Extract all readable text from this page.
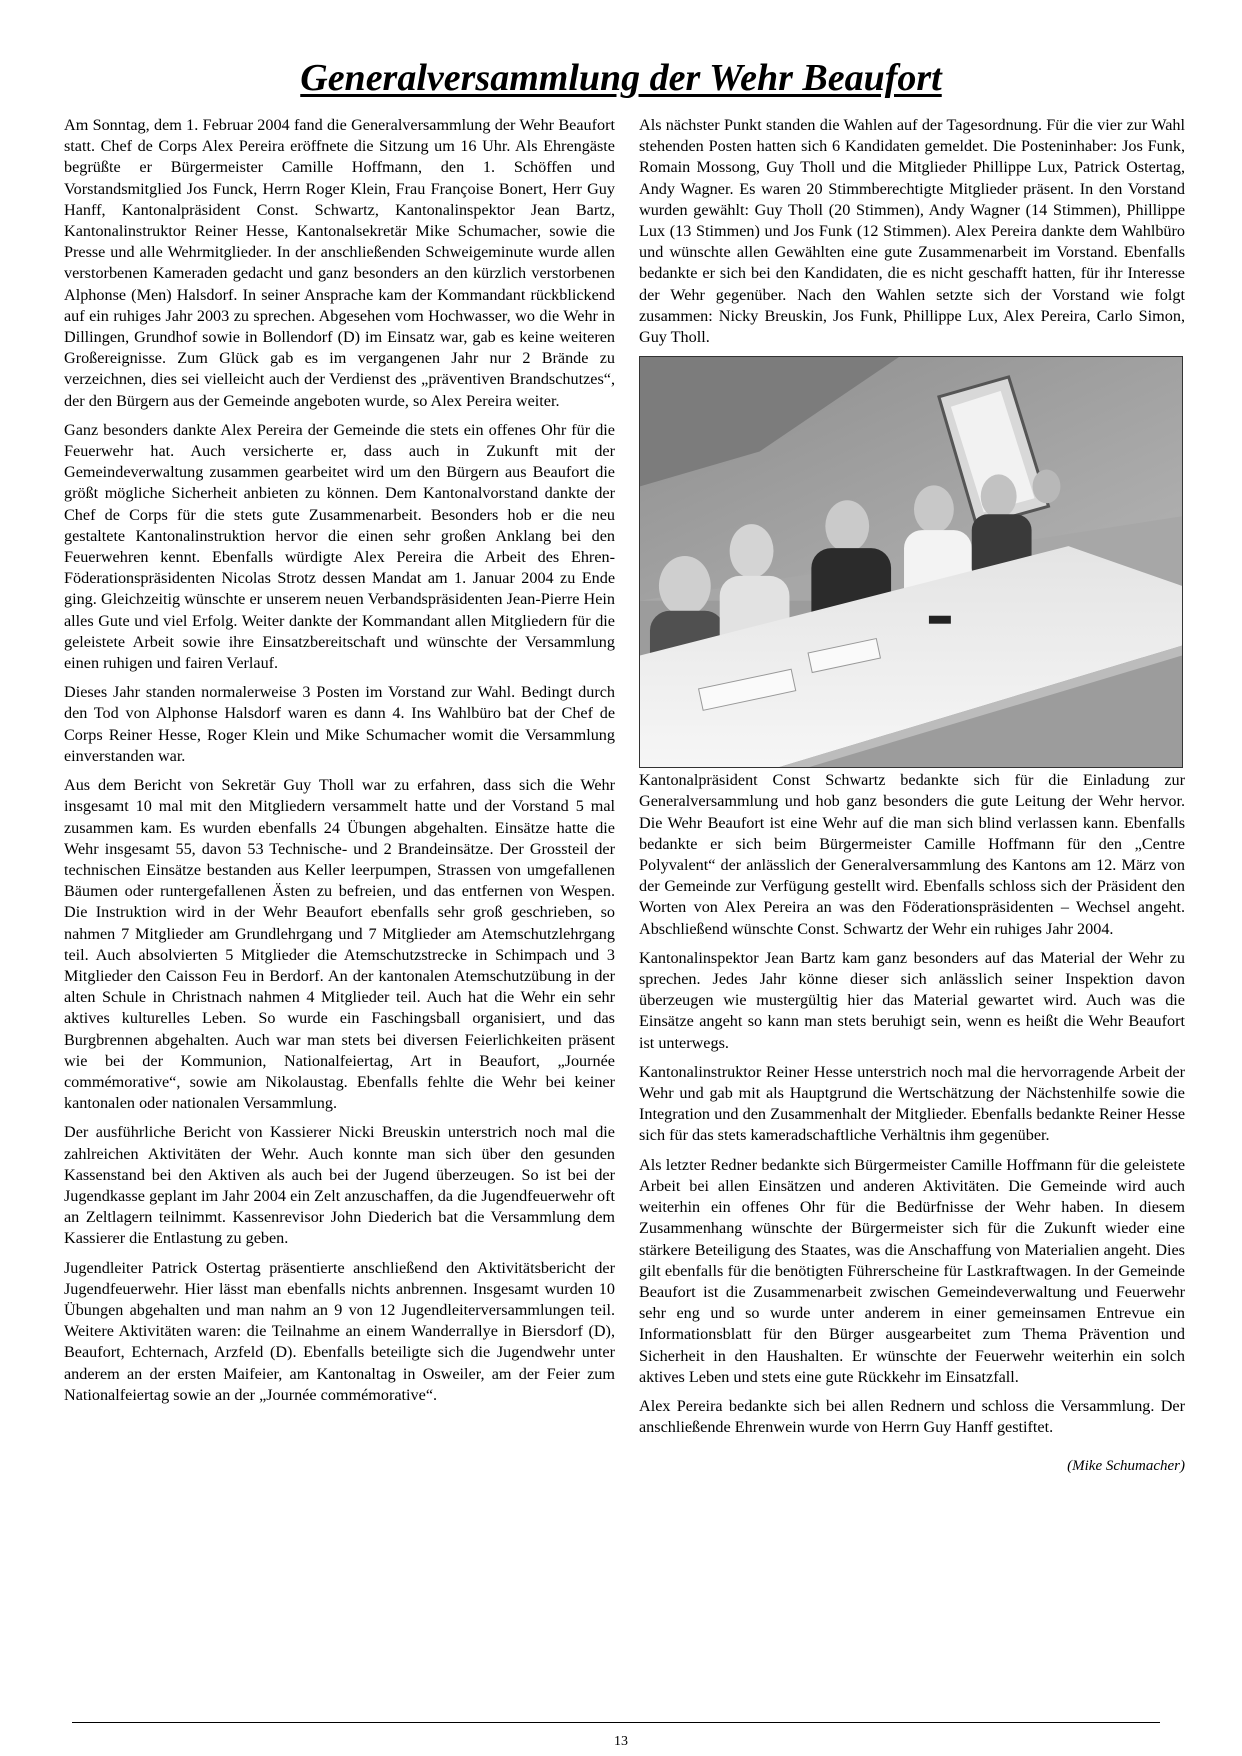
Generalversammlung der Wehr Beaufort

Am Sonntag, dem 1. Februar 2004 fand die Generalversammlung der Wehr Beaufort statt. Chef de Corps Alex Pereira eröffnete die Sitzung um 16 Uhr. Als Ehrengäste begrüßte er Bürgermeister Camille Hoffmann, den 1. Schöffen und Vorstandsmitglied Jos Funck, Herrn Roger Klein, Frau Françoise Bonert, Herr Guy Hanff, Kantonalpräsident Const. Schwartz, Kantonalinspektor Jean Bartz, Kantonalinstruktor Reiner Hesse, Kantonalsekretär Mike Schumacher, sowie die Presse und alle Wehrmitglieder. In der anschließenden Schweigeminute wurde allen verstorbenen Kameraden gedacht und ganz besonders an den kürzlich verstorbenen Alphonse (Men) Halsdorf. In seiner Ansprache kam der Kommandant rückblickend auf ein ruhiges Jahr 2003 zu sprechen. Abgesehen vom Hochwasser, wo die Wehr in Dillingen, Grundhof sowie in Bollendorf (D) im Einsatz war, gab es keine weiteren Großereignisse. Zum Glück gab es im vergangenen Jahr nur 2 Brände zu verzeichnen, dies sei vielleicht auch der Verdienst des „präventiven Brandschutzes“, der den Bürgern aus der Gemeinde angeboten wurde, so Alex Pereira weiter.

Ganz besonders dankte Alex Pereira der Gemeinde die stets ein offenes Ohr für die Feuerwehr hat. Auch versicherte er, dass auch in Zukunft mit der Gemeindeverwaltung zusammen gearbeitet wird um den Bürgern aus Beaufort die größt mögliche Sicherheit anbieten zu können. Dem Kantonalvorstand dankte der Chef de Corps für die stets gute Zusammenarbeit. Besonders hob er die neu gestaltete Kantonalinstruktion hervor die einen sehr großen Anklang bei den Feuerwehren kennt. Ebenfalls würdigte Alex Pereira die Arbeit des Ehren-Föderationspräsidenten Nicolas Strotz dessen Mandat am 1. Januar 2004 zu Ende ging. Gleichzeitig wünschte er unserem neuen Verbandspräsidenten Jean-Pierre Hein alles Gute und viel Erfolg. Weiter dankte der Kommandant allen Mitgliedern für die geleistete Arbeit sowie ihre Einsatzbereitschaft und wünschte der Versammlung einen ruhigen und fairen Verlauf.

Dieses Jahr standen normalerweise 3 Posten im Vorstand zur Wahl. Bedingt durch den Tod von Alphonse Halsdorf waren es dann 4. Ins Wahlbüro bat der Chef de Corps Reiner Hesse, Roger Klein und Mike Schumacher womit die Versammlung einverstanden war.

Aus dem Bericht von Sekretär Guy Tholl war zu erfahren, dass sich die Wehr insgesamt 10 mal mit den Mitgliedern versammelt hatte und der Vorstand 5 mal zusammen kam. Es wurden ebenfalls 24 Übungen abgehalten. Einsätze hatte die Wehr insgesamt 55, davon 53 Technische- und 2 Brandeinsätze. Der Grossteil der technischen Einsätze bestanden aus Keller leerpumpen, Strassen von umgefallenen Bäumen oder runtergefallenen Ästen zu befreien, und das entfernen von Wespen. Die Instruktion wird in der Wehr Beaufort ebenfalls sehr groß geschrieben, so nahmen 7 Mitglieder am Grundlehrgang und 7 Mitglieder am Atemschutzlehrgang teil. Auch absolvierten 5 Mitglieder die Atemschutzstrecke in Schimpach und 3 Mitglieder den Caisson Feu in Berdorf. An der kantonalen Atemschutzübung in der alten Schule in Christnach nahmen 4 Mitglieder teil. Auch hat die Wehr ein sehr aktives kulturelles Leben. So wurde ein Faschingsball organisiert, und das Burgbrennen abgehalten. Auch war man stets bei diversen Feierlichkeiten präsent wie bei der Kommunion, Nationalfeiertag, Art in Beaufort, „Journée commémorative“, sowie am Nikolaustag. Ebenfalls fehlte die Wehr bei keiner kantonalen oder nationalen Versammlung.

Der ausführliche Bericht von Kassierer Nicki Breuskin unterstrich noch mal die zahlreichen Aktivitäten der Wehr. Auch konnte man sich über den gesunden Kassenstand bei den Aktiven als auch bei der Jugend überzeugen. So ist bei der Jugendkasse geplant im Jahr 2004 ein Zelt anzuschaffen, da die Jugendfeuerwehr oft an Zeltlagern teilnimmt. Kassenrevisor John Diederich bat die Versammlung dem Kassierer die Entlastung zu geben.

Jugendleiter Patrick Ostertag präsentierte anschließend den Aktivitätsbericht der Jugendfeuerwehr. Hier lässt man ebenfalls nichts anbrennen. Insgesamt wurden 10 Übungen abgehalten und man nahm an 9 von 12 Jugendleiterversammlungen teil. Weitere Aktivitäten waren: die Teilnahme an einem Wanderrallye in Biersdorf (D), Beaufort, Echternach, Arzfeld (D). Ebenfalls beteiligte sich die Jugendwehr unter anderem an der ersten Maifeier, am Kantonaltag in Osweiler, am der Feier zum Nationalfeiertag sowie an der „Journée commémorative“.

Als nächster Punkt standen die Wahlen auf der Tagesordnung. Für die vier zur Wahl stehenden Posten hatten sich 6 Kandidaten gemeldet. Die Posteninhaber: Jos Funk, Romain Mossong, Guy Tholl und die Mitglieder Phillippe Lux, Patrick Ostertag, Andy Wagner. Es waren 20 Stimmberechtigte Mitglieder präsent. In den Vorstand wurden gewählt: Guy Tholl (20 Stimmen), Andy Wagner (14 Stimmen), Phillippe Lux (13 Stimmen) und Jos Funk (12 Stimmen). Alex Pereira dankte dem Wahlbüro und wünschte allen Gewählten eine gute Zusammenarbeit im Vorstand. Ebenfalls bedankte er sich bei den Kandidaten, die es nicht geschafft hatten, für ihr Interesse der Wehr gegenüber. Nach den Wahlen setzte sich der Vorstand wie folgt zusammen: Nicky Breuskin, Jos Funk, Phillippe Lux, Alex Pereira, Carlo Simon, Guy Tholl.

Kantonalpräsident Const Schwartz bedankte sich für die Einladung zur Generalversammlung und hob ganz besonders die gute Leitung der Wehr hervor. Die Wehr Beaufort ist eine Wehr auf die man sich blind verlassen kann. Ebenfalls bedankte er sich beim Bürgermeister Camille Hoffmann für den „Centre Polyvalent“ der anlässlich der Generalversammlung des Kantons am 12. März von der Gemeinde zur Verfügung gestellt wird. Ebenfalls schloss sich der Präsident den Worten von Alex Pereira an was den Föderationspräsidenten – Wechsel angeht. Abschließend wünschte Const. Schwartz der Wehr ein ruhiges Jahr 2004.

Kantonalinspektor Jean Bartz kam ganz besonders auf das Material der Wehr zu sprechen. Jedes Jahr könne dieser sich anlässlich seiner Inspektion davon überzeugen wie mustergültig hier das Material gewartet wird. Auch was die Einsätze angeht so kann man stets beruhigt sein, wenn es heißt die Wehr Beaufort ist unterwegs.

Kantonalinstruktor Reiner Hesse unterstrich noch mal die hervorragende Arbeit der Wehr und gab mit als Hauptgrund die Wertschätzung der Nächstenhilfe sowie die Integration und den Zusammenhalt der Mitglieder. Ebenfalls bedankte Reiner Hesse sich für das stets kameradschaftliche Verhältnis ihm gegenüber.

Als letzter Redner bedankte sich Bürgermeister Camille Hoffmann für die geleistete Arbeit bei allen Einsätzen und anderen Aktivitäten. Die Gemeinde wird auch weiterhin ein offenes Ohr für die Bedürfnisse der Wehr haben. In diesem Zusammenhang wünschte der Bürgermeister sich für die Zukunft wieder eine stärkere Beteiligung des Staates, was die Anschaffung von Materialien angeht. Dies gilt ebenfalls für die benötigten Führerscheine für Lastkraftwagen. In der Gemeinde Beaufort ist die Zusammenarbeit zwischen Gemeindeverwaltung und Feuerwehr sehr eng und so wurde unter anderem in einer gemeinsamen Entrevue ein Informationsblatt für den Bürger ausgearbeitet zum Thema Prävention und Sicherheit in den Haushalten. Er wünschte der Feuerwehr weiterhin ein solch aktives Leben und stets eine gute Rückkehr im Einsatzfall.

Alex Pereira bedankte sich bei allen Rednern und schloss die Versammlung. Der anschließende Ehrenwein wurde von Herrn Guy Hanff gestiftet.

(Mike Schumacher)
13
